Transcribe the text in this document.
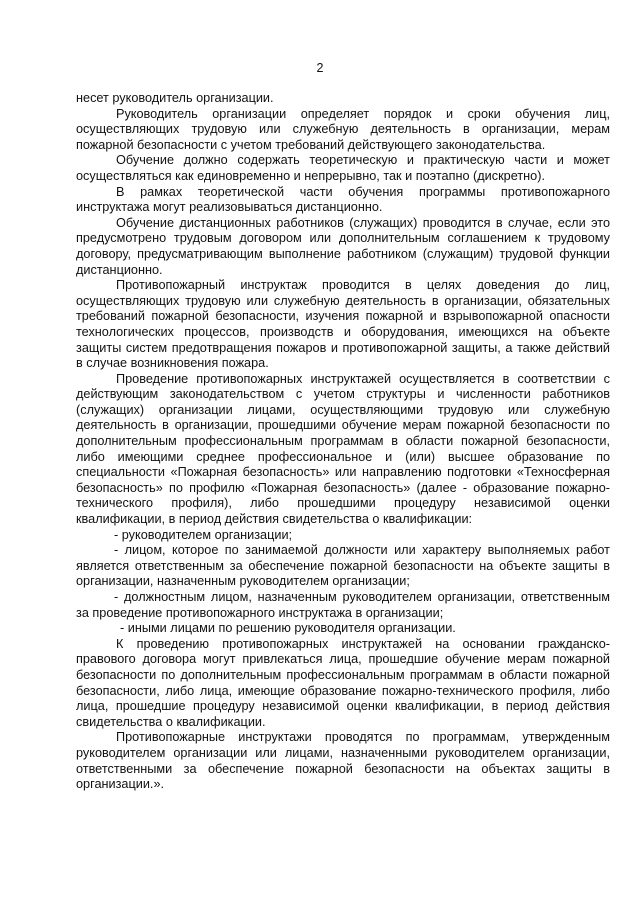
2

несет руководитель организации.

Руководитель организации определяет порядок и сроки обучения лиц, осуществляющих трудовую или служебную деятельность в организации, мерам пожарной безопасности с учетом требований действующего законодательства.

Обучение должно содержать теоретическую и практическую части и может осуществляться как единовременно и непрерывно, так и поэтапно (дискретно).

В рамках теоретической части обучения программы противопожарного инструктажа могут реализовываться дистанционно.

Обучение дистанционных работников (служащих) проводится в случае, если это предусмотрено трудовым договором или дополнительным соглашением к трудовому договору, предусматривающим выполнение работником (служащим) трудовой функции дистанционно.

Противопожарный инструктаж проводится в целях доведения до лиц, осуществляющих трудовую или служебную деятельность в организации, обязательных требований пожарной безопасности, изучения пожарной и взрывопожарной опасности технологических процессов, производств и оборудования, имеющихся на объекте защиты систем предотвращения пожаров и противопожарной защиты, а также действий в случае возникновения пожара.

Проведение противопожарных инструктажей осуществляется в соответствии с действующим законодательством с учетом структуры и численности работников (служащих) организации лицами, осуществляющими трудовую или служебную деятельность в организации, прошедшими обучение мерам пожарной безопасности по дополнительным профессиональным программам в области пожарной безопасности, либо имеющими среднее профессиональное и (или) высшее образование по специальности «Пожарная безопасность» или направлению подготовки «Техносферная безопасность» по профилю «Пожарная безопасность» (далее - образование пожарно-технического профиля), либо прошедшими процедуру независимой оценки квалификации, в период действия свидетельства о квалификации:

- руководителем организации;

- лицом, которое по занимаемой должности или характеру выполняемых работ является ответственным за обеспечение пожарной безопасности на объекте защиты в организации, назначенным руководителем организации;

- должностным лицом, назначенным руководителем организации, ответственным за проведение противопожарного инструктажа в организации;

- иными лицами по решению руководителя организации.

К проведению противопожарных инструктажей на основании гражданско-правового договора могут привлекаться лица, прошедшие обучение мерам пожарной безопасности по дополнительным профессиональным программам в области пожарной безопасности, либо лица, имеющие образование пожарно-технического профиля, либо лица, прошедшие процедуру независимой оценки квалификации, в период действия свидетельства о квалификации.

Противопожарные инструктажи проводятся по программам, утвержденным руководителем организации или лицами, назначенными руководителем организации, ответственными за обеспечение пожарной безопасности на объектах защиты в организации.».
